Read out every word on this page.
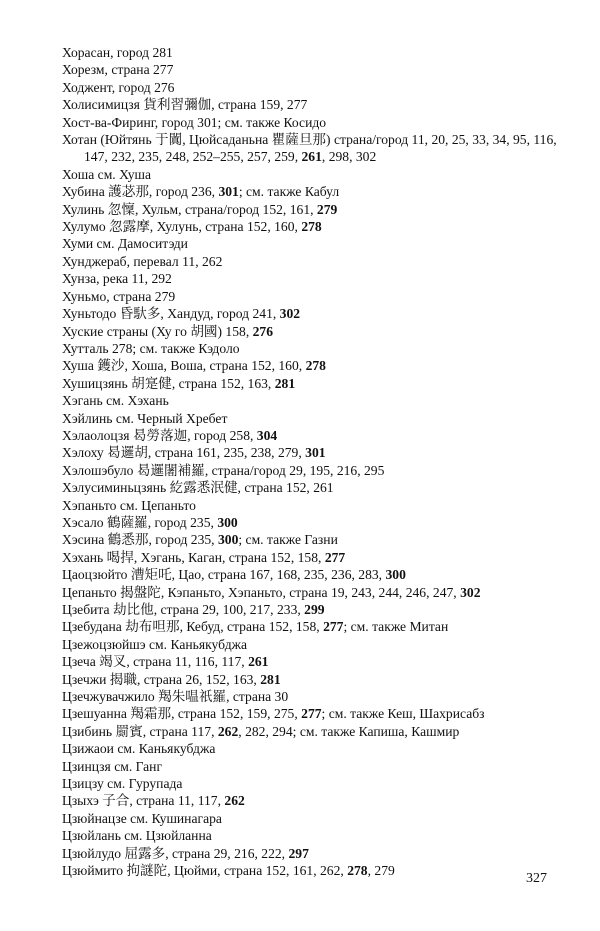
Хорасан, город 281
Хорезм, страна 277
Ходжент, город 276
Холисимицзя 貨利習彌伽, страна 159, 277
Хост-ва-Фиринг, город 301; см. также Косидо
Хотан (Юйтянь 于闐, Цюйсаданьна 瞿薩旦那) страна/город 11, 20, 25, 33, 34, 95, 116, 147, 232, 235, 248, 252–255, 257, 259, 261, 298, 302
Хоша см. Хуша
Хубина 護苾那, город 236, 301; см. также Кабул
Хулинь 忽懍, Хульм, страна/город 152, 161, 279
Хулумо 忽露摩, Хулунь, страна 152, 160, 278
Хуми см. Дамоситэди
Хунджераб, перевал 11, 262
Хунза, река 11, 292
Хуньмо, страна 279
Хуньтодо 昏馱多, Хандуд, город 241, 302
Хуские страны (Ху го 胡國) 158, 276
Хутталь 278; см. также Кэдоло
Хуша 鑊沙, Хоша, Воша, страна 152, 160, 278
Хушицзянь 胡寔健, страна 152, 163, 281
Хэгань см. Хэхань
Хэйлинь см. Черный Хребет
Хэлаолоцзя 曷勞落迦, город 258, 304
Хэлоху 曷邏胡, страна 161, 235, 238, 279, 301
Хэлошэбуло 曷邏闍補羅, страна/город 29, 195, 216, 295
Хэлусиминьцзянь 紇露悉泯健, страна 152, 261
Хэпаньто см. Цепаньто
Хэсало 鶴薩羅, город 235, 300
Хэсина 鶴悉那, город 235, 300; см. также Газни
Хэхань 喝捍, Хэгань, Каган, страна 152, 158, 277
Цаоцзюйто 漕矩吒, Цао, страна 167, 168, 235, 236, 283, 300
Цепаньто 揭盤陀, Кэпаньто, Хэпаньто, страна 19, 243, 244, 246, 247, 302
Цзебита 劫比他, страна 29, 100, 217, 233, 299
Цзебудана 劫布呾那, Кебуд, страна 152, 158, 277; см. также Митан
Цзежоцзюйшэ см. Каньякубджа
Цзеча 竭叉, страна 11, 116, 117, 261
Цзечжи 揭職, страна 26, 152, 163, 281
Цзечжувачжило 羯朱嗢祇羅, страна 30
Цзешуанна 羯霜那, страна 152, 159, 275, 277; см. также Кеш, Шахрисабз
Цзибинь 罽賓, страна 117, 262, 282, 294; см. также Капиша, Кашмир
Цзижаои см. Каньякубджа
Цзинцзя см. Ганг
Цзицзу см. Гурупада
Цзыхэ 子合, страна 11, 117, 262
Цзюйнацзе см. Кушинагара
Цзюйлань см. Цзюйланна
Цзюйлудо 屈露多, страна 29, 216, 222, 297
Цзюймито 拘謎陀, Цюйми, страна 152, 161, 262, 278, 279
327
